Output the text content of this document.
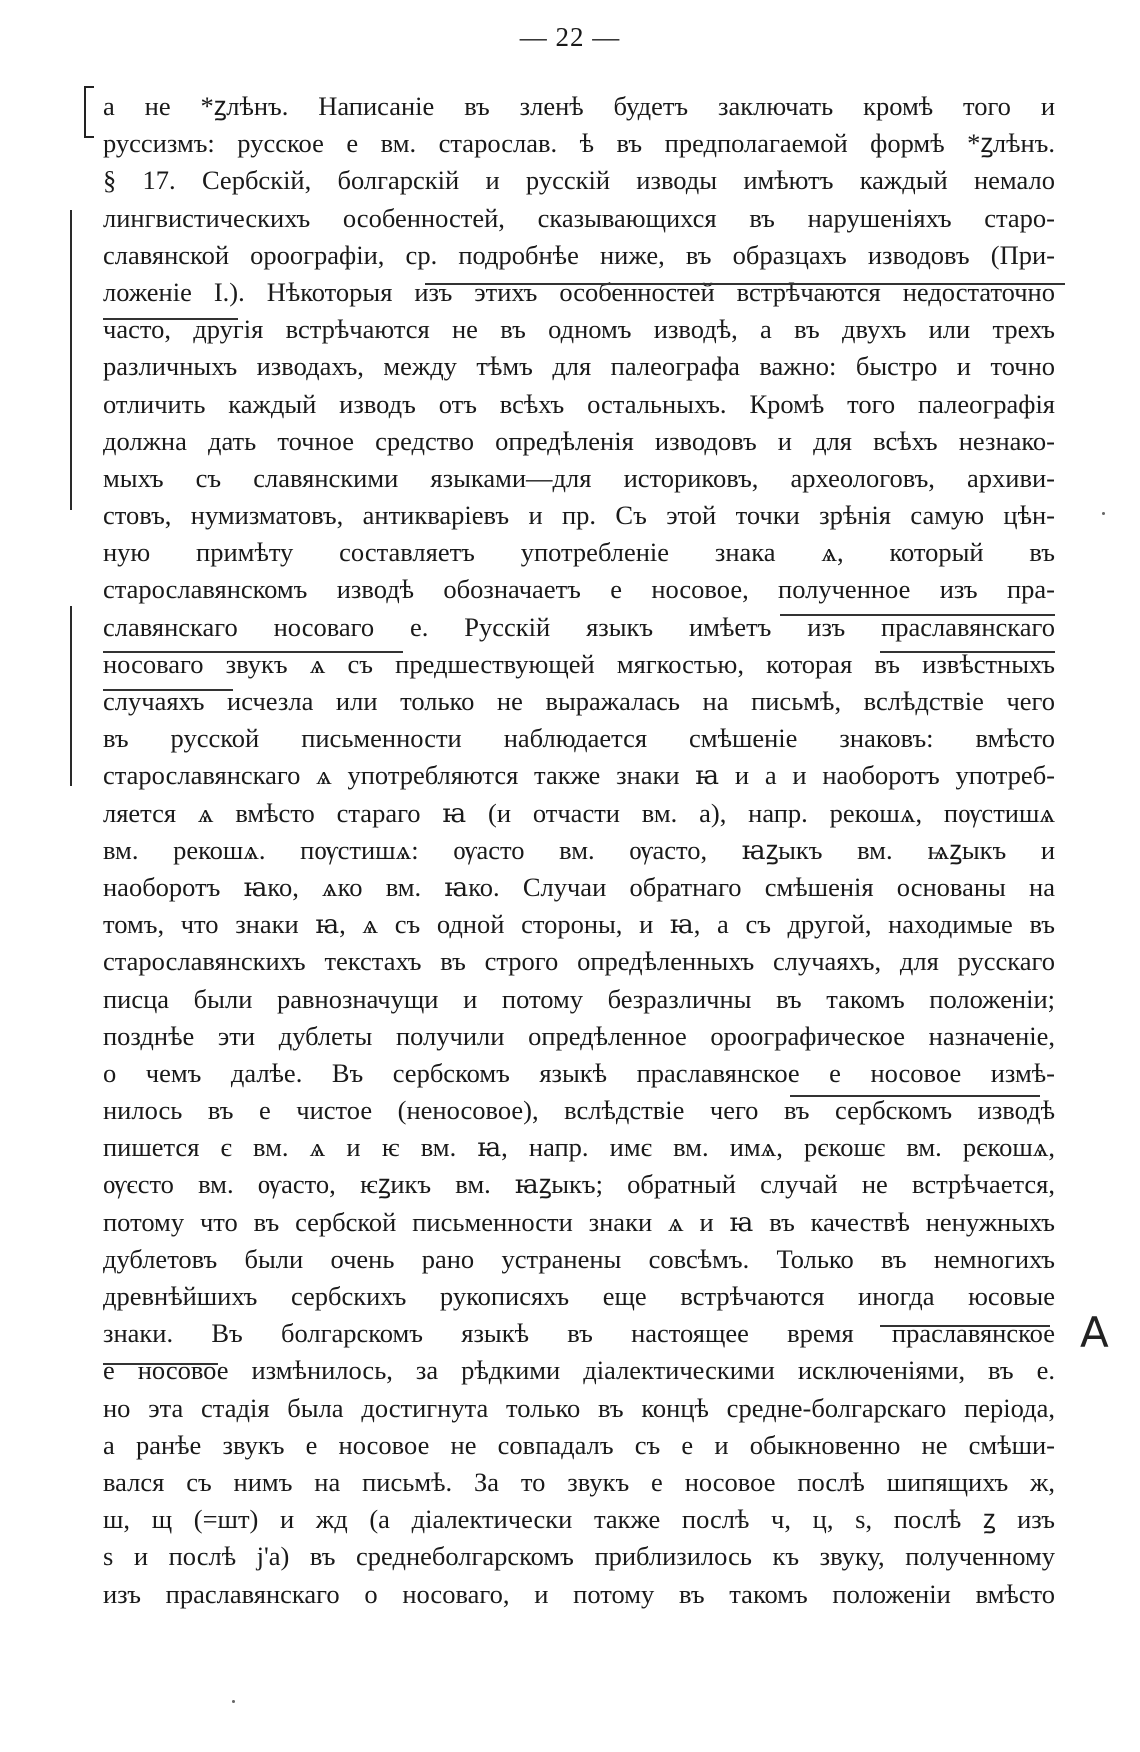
— 22 —
а не *ꙁлѣнъ. Написаніе въ зленѣ будетъ заключать кромѣ того и
руссизмъ: русское е вм. старослав. ѣ въ предполагаемой формѣ *ꙁлѣнъ.
§ 17. Сербскій, болгарскій и русскій изводы имѣютъ каждый немало
лингвистическихъ особенностей, сказывающихся въ нарушеніяхъ старо-
славянской ороографіи, ср. подробнѣе ниже, въ образцахъ изводовъ (При-
ложеніе I.). Нѣкоторыя изъ этихъ особенностей встрѣчаются недостаточно
часто, другія встрѣчаются не въ одномъ изводѣ, а въ двухъ или трехъ
различныхъ изводахъ, между тѣмъ для палеографа важно: быстро и точно
отличить каждый изводъ отъ всѣхъ остальныхъ. Кромѣ того палеографія
должна дать точное средство опредѣленія изводовъ и для всѣхъ незнако-
мыхъ съ славянскими языками—для историковъ, археологовъ, архиви-
стовъ, нумизматовъ, антикваріевъ и пр. Съ этой точки зрѣнія самую цѣн-
ную примѣту составляетъ употребленіе знака ѧ, который въ
старославянскомъ изводѣ обозначаетъ е носовое, полученное изъ пра-
славянскаго носоваго е. Русскій языкъ имѣетъ изъ праславянскаго
носоваго звукъ ѧ съ предшествующей мягкостью, которая въ извѣстныхъ
случаяхъ исчезла или только не выражалась на письмѣ, вслѣдствіе чего
въ русской письменности наблюдается смѣшеніе знаковъ: вмѣсто
старославянскаго ѧ употребляются также знаки ꙗ и а и наоборотъ употреб-
ляется ѧ вмѣсто стараго ꙗ (и отчасти вм. а), напр. рекошѧ, пѹстишѧ
вм. рекошѧ. пѹстишѧ: ѹасто вм. ѹасто, ꙗꙁыкъ вм. ѩꙁыкъ и
наоборотъ ꙗко, ѧко вм. ꙗко. Случаи обратнаго смѣшенія основаны на
томъ, что знаки ꙗ, ѧ съ одной стороны, и ꙗ, а съ другой, находимые въ
старославянскихъ текстахъ въ строго опредѣленныхъ случаяхъ, для русскаго
писца были равнозначущи и потому безразличны въ такомъ положеніи;
позднѣе эти дублеты получили опредѣленное ороографическое назначеніе,
о чемъ далѣе. Въ сербскомъ языкѣ праславянское е носовое измѣ-
нилось въ е чистое (неносовое), вслѣдствіе чего въ сербскомъ изводѣ
пишется є вм. ѧ и ѥ вм. ꙗ, напр. имє вм. имѧ, рєкошє вм. рєкошѧ,
ѹєсто вм. ѹасто, ѥꙁикъ вм. ꙗꙁыкъ; обратный случай не встрѣчается,
потому что въ сербской письменности знаки ѧ и ꙗ въ качествѣ ненужныхъ
дублетовъ были очень рано устранены совсѣмъ. Только въ немногихъ
древнѣйшихъ сербскихъ рукописяхъ еще встрѣчаются иногда юсовые
знаки. Въ болгарскомъ языкѣ въ настоящее время праславянское
е носовое измѣнилось, за рѣдкими діалектическими исключеніями, въ е.
но эта стадія была достигнута только въ концѣ средне-болгарскаго періода,
а ранѣе звукъ е носовое не совпадалъ съ е и обыкновенно не смѣши-
вался съ нимъ на письмѣ. За то звукъ е носовое послѣ шипящихъ ж,
ш, щ (=шт) и жд (а діалектически также послѣ ч, ц, ѕ, послѣ ꙁ изъ
ѕ и послѣ j'а) въ среднеболгарскомъ приблизилось къ звуку, полученному
изъ праславянскаго о носоваго, и потому въ такомъ положеніи вмѣсто
A
